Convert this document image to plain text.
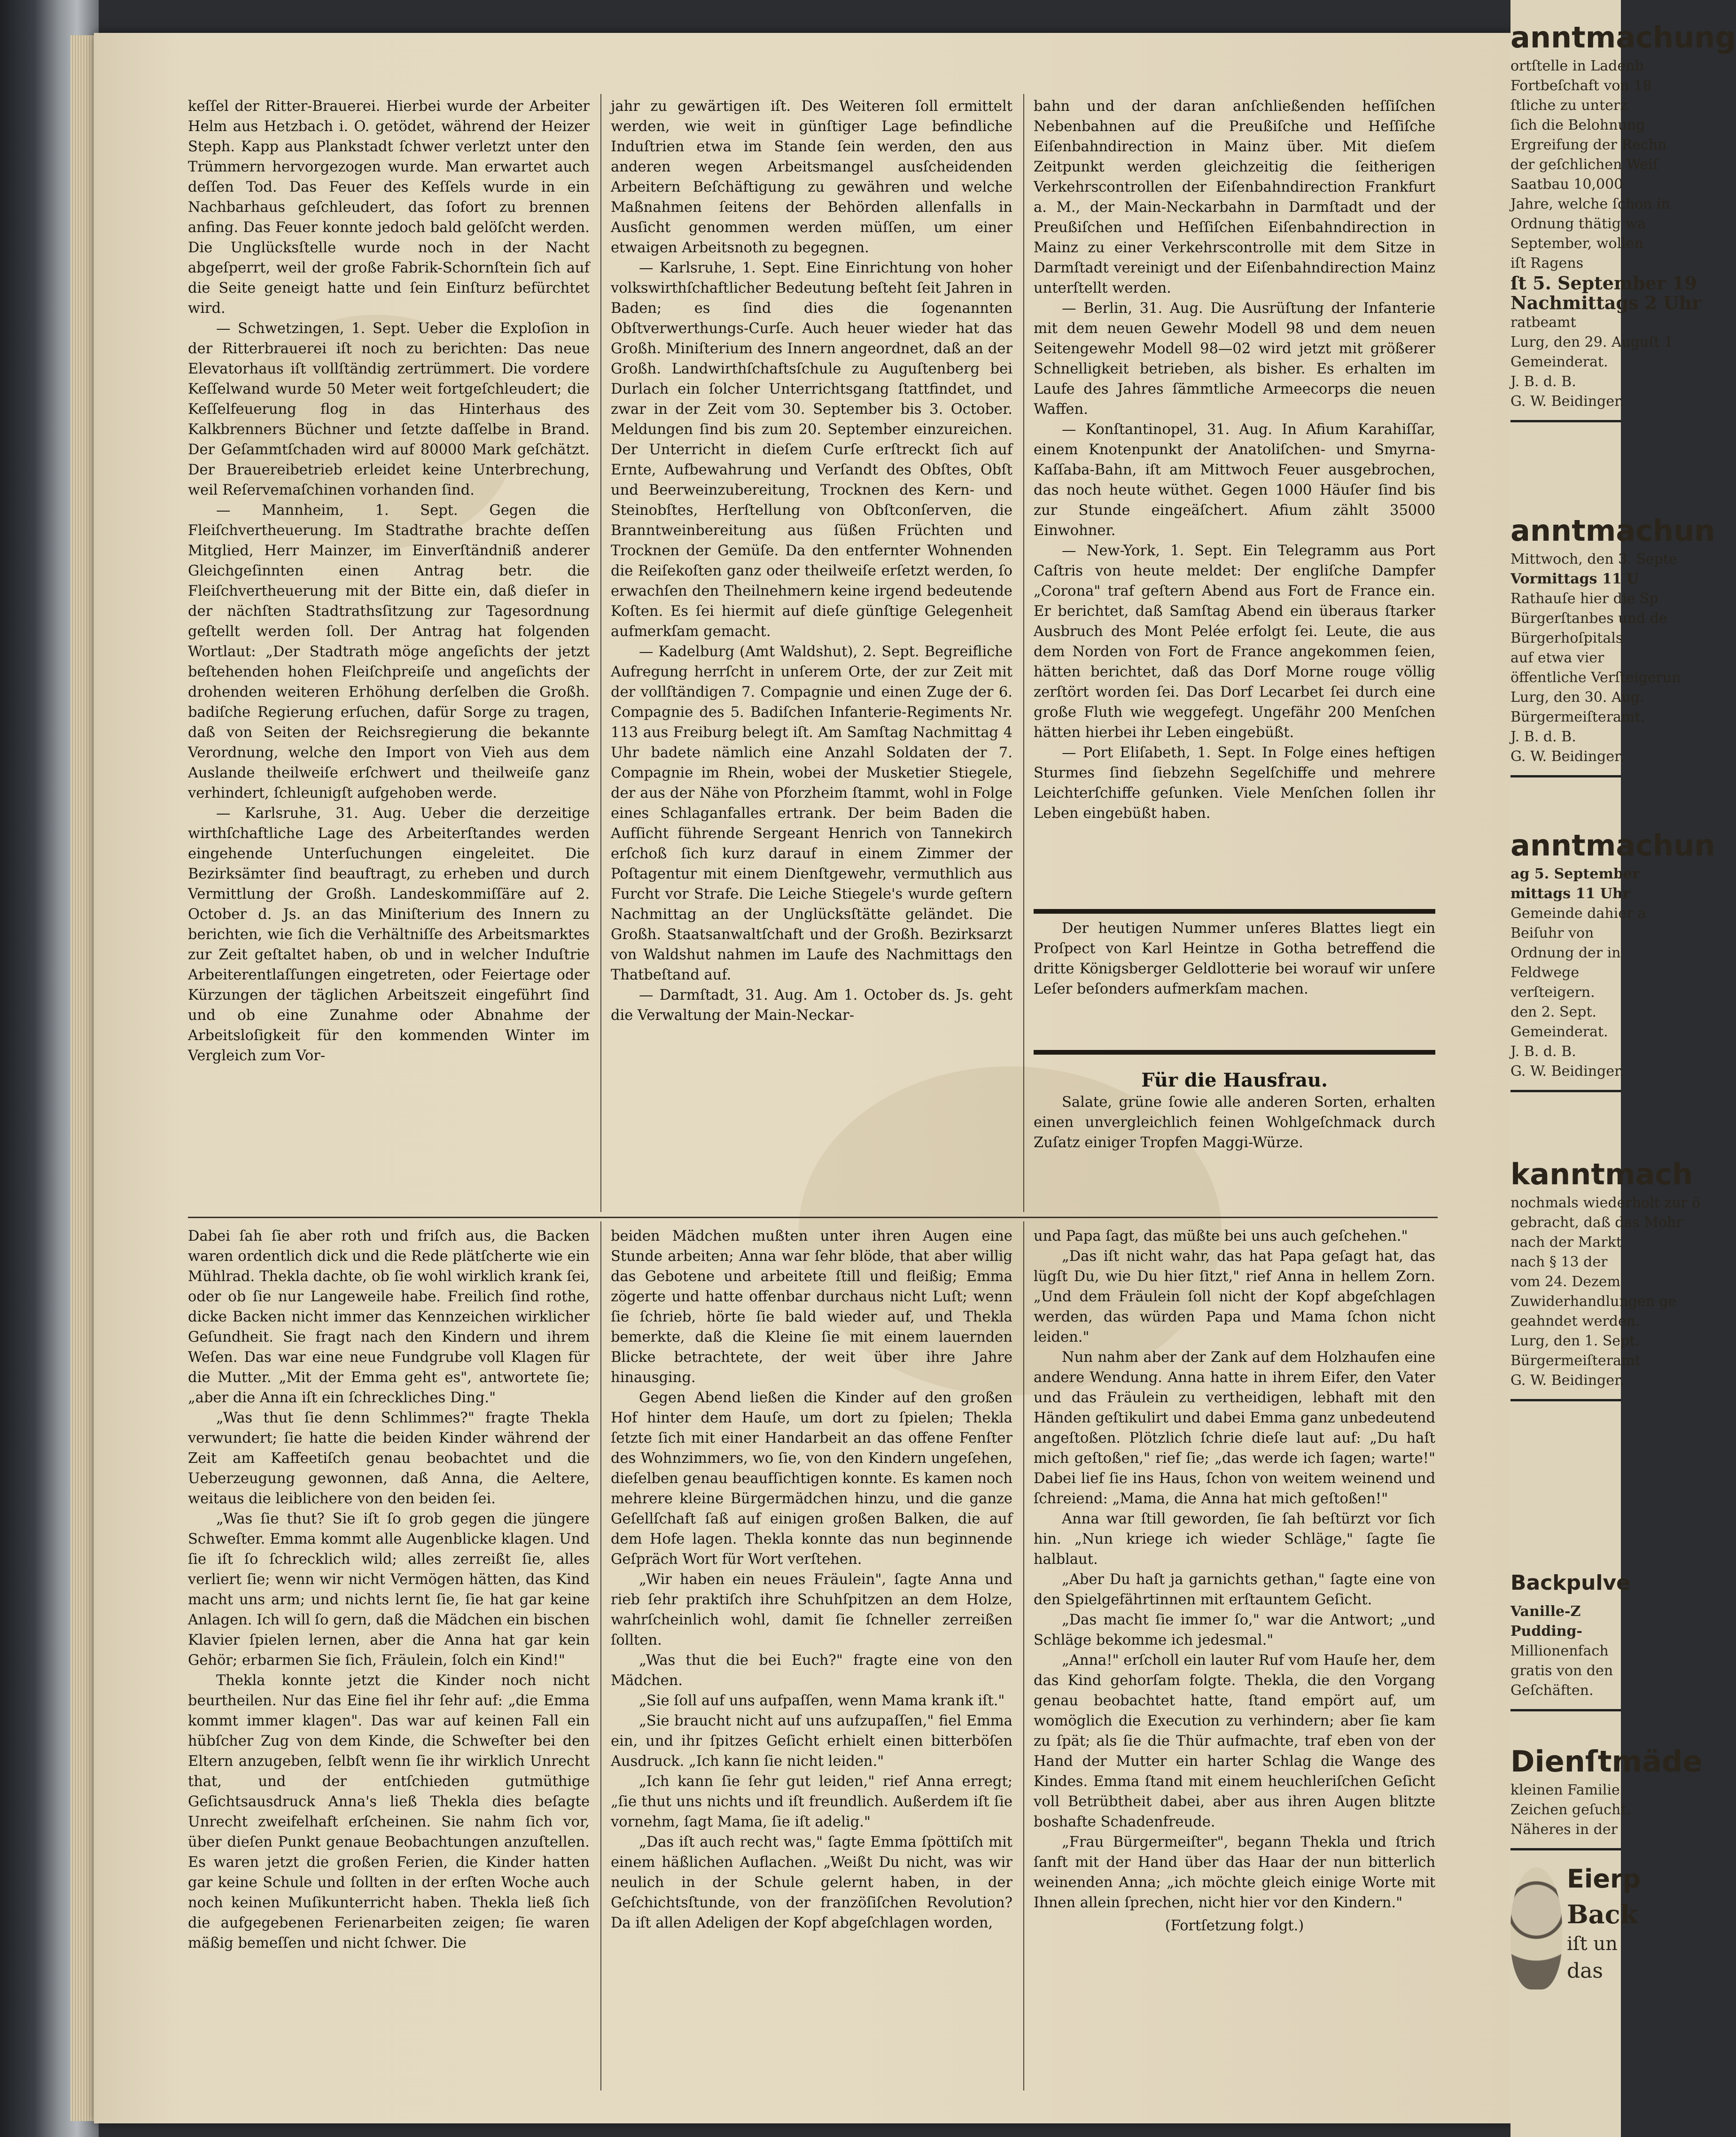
keſſel der Ritter-Brauerei. Hierbei wurde der Arbeiter Helm aus Hetzbach i. O. getödet, während der Heizer Steph. Kapp aus Plankstadt ſchwer verletzt unter den Trümmern hervorgezogen wurde. Man erwartet auch deſſen Tod. Das Feuer des Keſſels wurde in ein Nachbarhaus geſchleudert, das ſofort zu brennen anfing. Das Feuer konnte jedoch bald gelöſcht werden. Die Unglücksſtelle wurde noch in der Nacht abgeſperrt, weil der große Fabrik-Schornſtein ſich auf die Seite geneigt hatte und ſein Einſturz befürchtet wird.

— Schwetzingen, 1. Sept. Ueber die Exploſion in der Ritterbrauerei iſt noch zu berichten: Das neue Elevatorhaus iſt vollſtändig zertrümmert. Die vordere Keſſelwand wurde 50 Meter weit fortgeſchleudert; die Keſſelfeuerung flog in das Hinterhaus des Kalkbrenners Büchner und ſetzte daſſelbe in Brand. Der Geſammtſchaden wird auf 80000 Mark geſchätzt. Der Brauereibetrieb erleidet keine Unterbrechung, weil Reſervemaſchinen vorhanden ſind.

— Mannheim, 1. Sept. Gegen die Fleiſchvertheuerung. Im Stadtrathe brachte deſſen Mitglied, Herr Mainzer, im Einverſtändniß anderer Gleichgeſinnten einen Antrag betr. die Fleiſchvertheuerung mit der Bitte ein, daß dieſer in der nächſten Stadtrathsſitzung zur Tagesordnung geſtellt werden ſoll. Der Antrag hat folgenden Wortlaut: „Der Stadtrath möge angeſichts der jetzt beſtehenden hohen Fleiſchpreiſe und angeſichts der drohenden weiteren Erhöhung derſelben die Großh. badiſche Regierung erſuchen, dafür Sorge zu tragen, daß von Seiten der Reichsregierung die bekannte Verordnung, welche den Import von Vieh aus dem Auslande theilweiſe erſchwert und theilweiſe ganz verhindert, ſchleunigſt aufgehoben werde.

— Karlsruhe, 31. Aug. Ueber die derzeitige wirthſchaftliche Lage des Arbeiterſtandes werden eingehende Unterſuchungen eingeleitet. Die Bezirksämter ſind beauftragt, zu erheben und durch Vermittlung der Großh. Landeskommiſſäre auf 2. October d. Js. an das Miniſterium des Innern zu berichten, wie ſich die Verhältniſſe des Arbeitsmarktes zur Zeit geſtaltet haben, ob und in welcher Induſtrie Arbeiterentlaſſungen eingetreten, oder Feiertage oder Kürzungen der täglichen Arbeitszeit eingeführt ſind und ob eine Zunahme oder Abnahme der Arbeitsloſigkeit für den kommenden Winter im Vergleich zum Vor-

jahr zu gewärtigen iſt. Des Weiteren ſoll ermittelt werden, wie weit in günſtiger Lage befindliche Induſtrien etwa im Stande ſein werden, den aus anderen wegen Arbeitsmangel ausſcheidenden Arbeitern Beſchäftigung zu gewähren und welche Maßnahmen ſeitens der Behörden allenfalls in Ausſicht genommen werden müſſen, um einer etwaigen Arbeitsnoth zu begegnen.

— Karlsruhe, 1. Sept. Eine Einrichtung von hoher volkswirthſchaftlicher Bedeutung beſteht ſeit Jahren in Baden; es ſind dies die ſogenannten Obſtverwerthungs-Curſe. Auch heuer wieder hat das Großh. Miniſterium des Innern angeordnet, daß an der Großh. Landwirthſchaftsſchule zu Auguſtenberg bei Durlach ein ſolcher Unterrichtsgang ſtattfindet, und zwar in der Zeit vom 30. September bis 3. October. Meldungen ſind bis zum 20. September einzureichen. Der Unterricht in dieſem Curſe erſtreckt ſich auf Ernte, Aufbewahrung und Verſandt des Obſtes, Obſt und Beerweinzubereitung, Trocknen des Kern- und Steinobſtes, Herſtellung von Obſtconſerven, die Branntweinbereitung aus ſüßen Früchten und Trocknen der Gemüſe. Da den entfernter Wohnenden die Reiſekoſten ganz oder theilweiſe erſetzt werden, ſo erwachſen den Theilnehmern keine irgend bedeutende Koſten. Es ſei hiermit auf dieſe günſtige Gelegenheit aufmerkſam gemacht.

— Kadelburg (Amt Waldshut), 2. Sept. Begreifliche Aufregung herrſcht in unſerem Orte, der zur Zeit mit der vollſtändigen 7. Compagnie und einen Zuge der 6. Compagnie des 5. Badiſchen Infanterie-Regiments Nr. 113 aus Freiburg belegt iſt. Am Samſtag Nachmittag 4 Uhr badete nämlich eine Anzahl Soldaten der 7. Compagnie im Rhein, wobei der Musketier Stiegele, der aus der Nähe von Pforzheim ſtammt, wohl in Folge eines Schlaganfalles ertrank. Der beim Baden die Aufſicht führende Sergeant Henrich von Tannekirch erſchoß ſich kurz darauf in einem Zimmer der Poſtagentur mit einem Dienſtgewehr, vermuthlich aus Furcht vor Strafe. Die Leiche Stiegele's wurde geſtern Nachmittag an der Unglücksſtätte geländet. Die Großh. Staatsanwaltſchaft und der Großh. Bezirksarzt von Waldshut nahmen im Laufe des Nachmittags den Thatbeſtand auf.

— Darmſtadt, 31. Aug. Am 1. October ds. Js. geht die Verwaltung der Main-Neckar-

bahn und der daran anſchließenden heſſiſchen Nebenbahnen auf die Preußiſche und Heſſiſche Eiſenbahndirection in Mainz über. Mit dieſem Zeitpunkt werden gleichzeitig die ſeitherigen Verkehrscontrollen der Eiſenbahndirection Frankfurt a. M., der Main-Neckarbahn in Darmſtadt und der Preußiſchen und Heſſiſchen Eiſenbahndirection in Mainz zu einer Verkehrscontrolle mit dem Sitze in Darmſtadt vereinigt und der Eiſenbahndirection Mainz unterſtellt werden.

— Berlin, 31. Aug. Die Ausrüſtung der Infanterie mit dem neuen Gewehr Modell 98 und dem neuen Seitengewehr Modell 98—02 wird jetzt mit größerer Schnelligkeit betrieben, als bisher. Es erhalten im Laufe des Jahres ſämmtliche Armeecorps die neuen Waffen.

— Konſtantinopel, 31. Aug. In Afium Karahiſſar, einem Knotenpunkt der Anatoliſchen- und Smyrna-Kaſſaba-Bahn, iſt am Mittwoch Feuer ausgebrochen, das noch heute wüthet. Gegen 1000 Häuſer ſind bis zur Stunde eingeäſchert. Afium zählt 35000 Einwohner.

— New-York, 1. Sept. Ein Telegramm aus Port Caſtris von heute meldet: Der engliſche Dampfer „Corona" traf geſtern Abend aus Fort de France ein. Er berichtet, daß Samſtag Abend ein überaus ſtarker Ausbruch des Mont Pelée erfolgt ſei. Leute, die aus dem Norden von Fort de France angekommen ſeien, hätten berichtet, daß das Dorf Morne rouge völlig zerſtört worden ſei. Das Dorf Lecarbet ſei durch eine große Fluth wie weggefegt. Ungefähr 200 Menſchen hätten hierbei ihr Leben eingebüßt.

— Port Eliſabeth, 1. Sept. In Folge eines heftigen Sturmes ſind ſiebzehn Segelſchiffe und mehrere Leichterſchiffe geſunken. Viele Menſchen ſollen ihr Leben eingebüßt haben.

Der heutigen Nummer unſeres Blattes liegt ein Proſpect von Karl Heintze in Gotha betreffend die dritte Königsberger Geldlotterie bei worauf wir unſere Leſer beſonders aufmerkſam machen.

Für die Hausfrau.

Salate, grüne ſowie alle anderen Sorten, erhalten einen unvergleichlich feinen Wohlgeſchmack durch Zuſatz einiger Tropfen Maggi-Würze.

Dabei ſah ſie aber roth und friſch aus, die Backen waren ordentlich dick und die Rede plätſcherte wie ein Mühlrad. Thekla dachte, ob ſie wohl wirklich krank ſei, oder ob ſie nur Langeweile habe. Freilich ſind rothe, dicke Backen nicht immer das Kennzeichen wirklicher Geſundheit. Sie fragt nach den Kindern und ihrem Weſen. Das war eine neue Fundgrube voll Klagen für die Mutter. „Mit der Emma geht es", antwortete ſie; „aber die Anna iſt ein ſchreckliches Ding."

„Was thut ſie denn Schlimmes?" fragte Thekla verwundert; ſie hatte die beiden Kinder während der Zeit am Kaffeetiſch genau beobachtet und die Ueberzeugung gewonnen, daß Anna, die Aeltere, weitaus die leiblichere von den beiden ſei.

„Was ſie thut? Sie iſt ſo grob gegen die jüngere Schweſter. Emma kommt alle Augenblicke klagen. Und ſie iſt ſo ſchrecklich wild; alles zerreißt ſie, alles verliert ſie; wenn wir nicht Vermögen hätten, das Kind macht uns arm; und nichts lernt ſie, ſie hat gar keine Anlagen. Ich will ſo gern, daß die Mädchen ein bischen Klavier ſpielen lernen, aber die Anna hat gar kein Gehör; erbarmen Sie ſich, Fräulein, ſolch ein Kind!"

Thekla konnte jetzt die Kinder noch nicht beurtheilen. Nur das Eine fiel ihr ſehr auf: „die Emma kommt immer klagen". Das war auf keinen Fall ein hübſcher Zug von dem Kinde, die Schweſter bei den Eltern anzugeben, ſelbſt wenn ſie ihr wirklich Unrecht that, und der entſchieden gutmüthige Geſichtsausdruck Anna's ließ Thekla dies beſagte Unrecht zweifelhaft erſcheinen. Sie nahm ſich vor, über dieſen Punkt genaue Beobachtungen anzuſtellen. Es waren jetzt die großen Ferien, die Kinder hatten gar keine Schule und ſollten in der erſten Woche auch noch keinen Muſikunterricht haben. Thekla ließ ſich die aufgegebenen Ferienarbeiten zeigen; ſie waren mäßig bemeſſen und nicht ſchwer. Die

beiden Mädchen mußten unter ihren Augen eine Stunde arbeiten; Anna war ſehr blöde, that aber willig das Gebotene und arbeitete ſtill und fleißig; Emma zögerte und hatte offenbar durchaus nicht Luſt; wenn ſie ſchrieb, hörte ſie bald wieder auf, und Thekla bemerkte, daß die Kleine ſie mit einem lauernden Blicke betrachtete, der weit über ihre Jahre hinausging.

Gegen Abend ließen die Kinder auf den großen Hof hinter dem Hauſe, um dort zu ſpielen; Thekla ſetzte ſich mit einer Handarbeit an das offene Fenſter des Wohnzimmers, wo ſie, von den Kindern ungeſehen, dieſelben genau beaufſichtigen konnte. Es kamen noch mehrere kleine Bürgermädchen hinzu, und die ganze Geſellſchaft ſaß auf einigen großen Balken, die auf dem Hofe lagen. Thekla konnte das nun beginnende Geſpräch Wort für Wort verſtehen.

„Wir haben ein neues Fräulein", ſagte Anna und rieb ſehr praktiſch ihre Schuhſpitzen an dem Holze, wahrſcheinlich wohl, damit ſie ſchneller zerreißen ſollten.

„Was thut die bei Euch?" fragte eine von den Mädchen.

„Sie ſoll auf uns aufpaſſen, wenn Mama krank iſt."

„Sie braucht nicht auf uns aufzupaſſen," fiel Emma ein, und ihr ſpitzes Geſicht erhielt einen bitterböſen Ausdruck. „Ich kann ſie nicht leiden."

„Ich kann ſie ſehr gut leiden," rief Anna erregt; „ſie thut uns nichts und iſt freundlich. Außerdem iſt ſie vornehm, ſagt Mama, ſie iſt adelig."

„Das iſt auch recht was," ſagte Emma ſpöttiſch mit einem häßlichen Auflachen. „Weißt Du nicht, was wir neulich in der Schule gelernt haben, in der Geſchichtsſtunde, von der franzöſiſchen Revolution? Da iſt allen Adeligen der Kopf abgeſchlagen worden,

und Papa ſagt, das müßte bei uns auch geſchehen."

„Das iſt nicht wahr, das hat Papa geſagt hat, das lügſt Du, wie Du hier ſitzt," rief Anna in hellem Zorn. „Und dem Fräulein ſoll nicht der Kopf abgeſchlagen werden, das würden Papa und Mama ſchon nicht leiden."

Nun nahm aber der Zank auf dem Holzhaufen eine andere Wendung. Anna hatte in ihrem Eifer, den Vater und das Fräulein zu vertheidigen, lebhaft mit den Händen geſtikulirt und dabei Emma ganz unbedeutend angeſtoßen. Plötzlich ſchrie dieſe laut auf: „Du haſt mich geſtoßen," rief ſie; „das werde ich ſagen; warte!" Dabei lief ſie ins Haus, ſchon von weitem weinend und ſchreiend: „Mama, die Anna hat mich geſtoßen!"

Anna war ſtill geworden, ſie ſah beſtürzt vor ſich hin. „Nun kriege ich wieder Schläge," ſagte ſie halblaut.

„Aber Du haſt ja garnichts gethan," ſagte eine von den Spielgefährtinnen mit erſtauntem Geſicht.

„Das macht ſie immer ſo," war die Antwort; „und Schläge bekomme ich jedesmal."

„Anna!" erſcholl ein lauter Ruf vom Hauſe her, dem das Kind gehorſam folgte. Thekla, die den Vorgang genau beobachtet hatte, ſtand empört auf, um womöglich die Execution zu verhindern; aber ſie kam zu ſpät; als ſie die Thür aufmachte, traf eben von der Hand der Mutter ein harter Schlag die Wange des Kindes. Emma ſtand mit einem heuchleriſchen Geſicht voll Betrübtheit dabei, aber aus ihren Augen blitzte boshafte Schadenfreude.

„Frau Bürgermeiſter", begann Thekla und ſtrich ſanft mit der Hand über das Haar der nun bitterlich weinenden Anna; „ich möchte gleich einige Worte mit Ihnen allein ſprechen, nicht hier vor den Kindern."

(Fortſetzung folgt.)

anntmachung
ortſtelle in Ladenb
Fortbeſchaft von 18
ſtliche zu unterz
ſich die Belohnung
Ergreifung der Rechn
der geſchlichen Weiſ
Saatbau 10,000
Jahre, welche ſchon in
Ordnung thätig wa
September, wollen
iſt Ragens
ſt 5. September 19
Nachmittags 2 Uhr
ratbeamt
Lurg, den 29. Auguſt 1
Gemeinderat.
J. B. d. B.
G. W. Beidinger.
anntmachun
Mittwoch, den 3. Septe
Vormittags 11 U
Rathauſe hier die Sp
Bürgerſtanbes und de
Bürgerhoſpitals
auf etwa vier
öffentliche Verſteigerun
Lurg, den 30. Aug.
Bürgermeiſteramt.
J. B. d. B.
G. W. Beidinger.
anntmachun
ag 5. September
mittags 11 Uhr
Gemeinde dahier a
Beiſuhr von
Ordnung der in
Feldwege
verſteigern.
den 2. Sept.
Gemeinderat.
J. B. d. B.
G. W. Beidinger.
kanntmach
nochmals wiederholt zur ö
gebracht, daß das Mohr
nach der Markt
nach § 13 der
vom 24. Dezem
Zuwiderhandlungen ge
geahndet werden.
Lurg, den 1. Sept.
Bürgermeiſteramt
G. W. Beidinger.
Backpulve
Vanille-Z
Pudding-
Millionenfach
gratis von den
Geſchäften.
Dienſtmäde
kleinen Familie
Zeichen geſucht.
Näheres in der
Eierp
Back
iſt un
das
